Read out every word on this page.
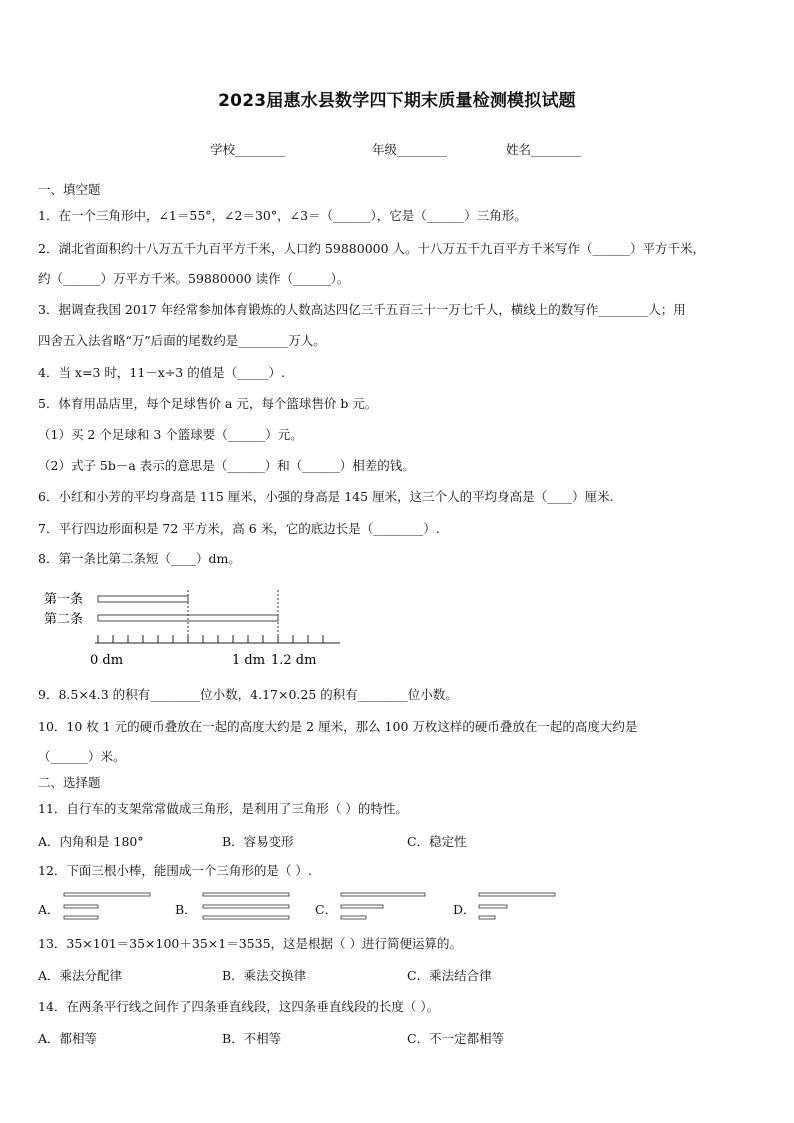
2023届惠水县数学四下期末质量检测模拟试题
学校________	年级________	姓名________
一、填空题
1．在一个三角形中，∠1＝55°，∠2＝30°，∠3＝（______），它是（______）三角形。
2．湖北省面积约十八万五千九百平方千米，人口约 59880000 人。十八万五千九百平方千米写作（______）平方千米，
约（______）万平方千米。59880000 读作（______）。
3．据调查我国 2017 年经常参加体育锻炼的人数高达四亿三千五百三十一万七千人，横线上的数写作________人；用
四舍五入法省略“万”后面的尾数约是________万人。
4．当 x=3 时，11－x÷3 的值是（_____）.
5．体育用品店里，每个足球售价 a 元，每个篮球售价 b 元。
（1）买 2 个足球和 3 个篮球要（______）元。
（2）式子 5b－a 表示的意思是（______）和（______）相差的钱。
6．小红和小芳的平均身高是 115 厘米，小强的身高是 145 厘米，这三个人的平均身高是（____）厘米.
7．平行四边形面积是 72 平方米，高 6 米，它的底边长是（________）.
8．第一条比第二条短（____）dm。
第一条
第二条
0 dm	1 dm 1.2 dm
9．8.5×4.3 的积有________位小数，4.17×0.25 的积有________位小数。
10．10 枚 1 元的硬币叠放在一起的高度大约是 2 厘米，那么 100 万枚这样的硬币叠放在一起的高度大约是
（______）米。
二、选择题
11．自行车的支架常常做成三角形，是利用了三角形（ ）的特性。
A．内角和是 180°	B．容易变形	C．稳定性
12．下面三根小棒，能围成一个三角形的是（ ）.
A．	B．	C．	D．
13．35×101＝35×100＋35×1＝3535，这是根据（ ）进行简便运算的。
A．乘法分配律	B．乘法交换律	C．乘法结合律
14．在两条平行线之间作了四条垂直线段，这四条垂直线段的长度（ ）。
A．都相等	B．不相等	C．不一定都相等
